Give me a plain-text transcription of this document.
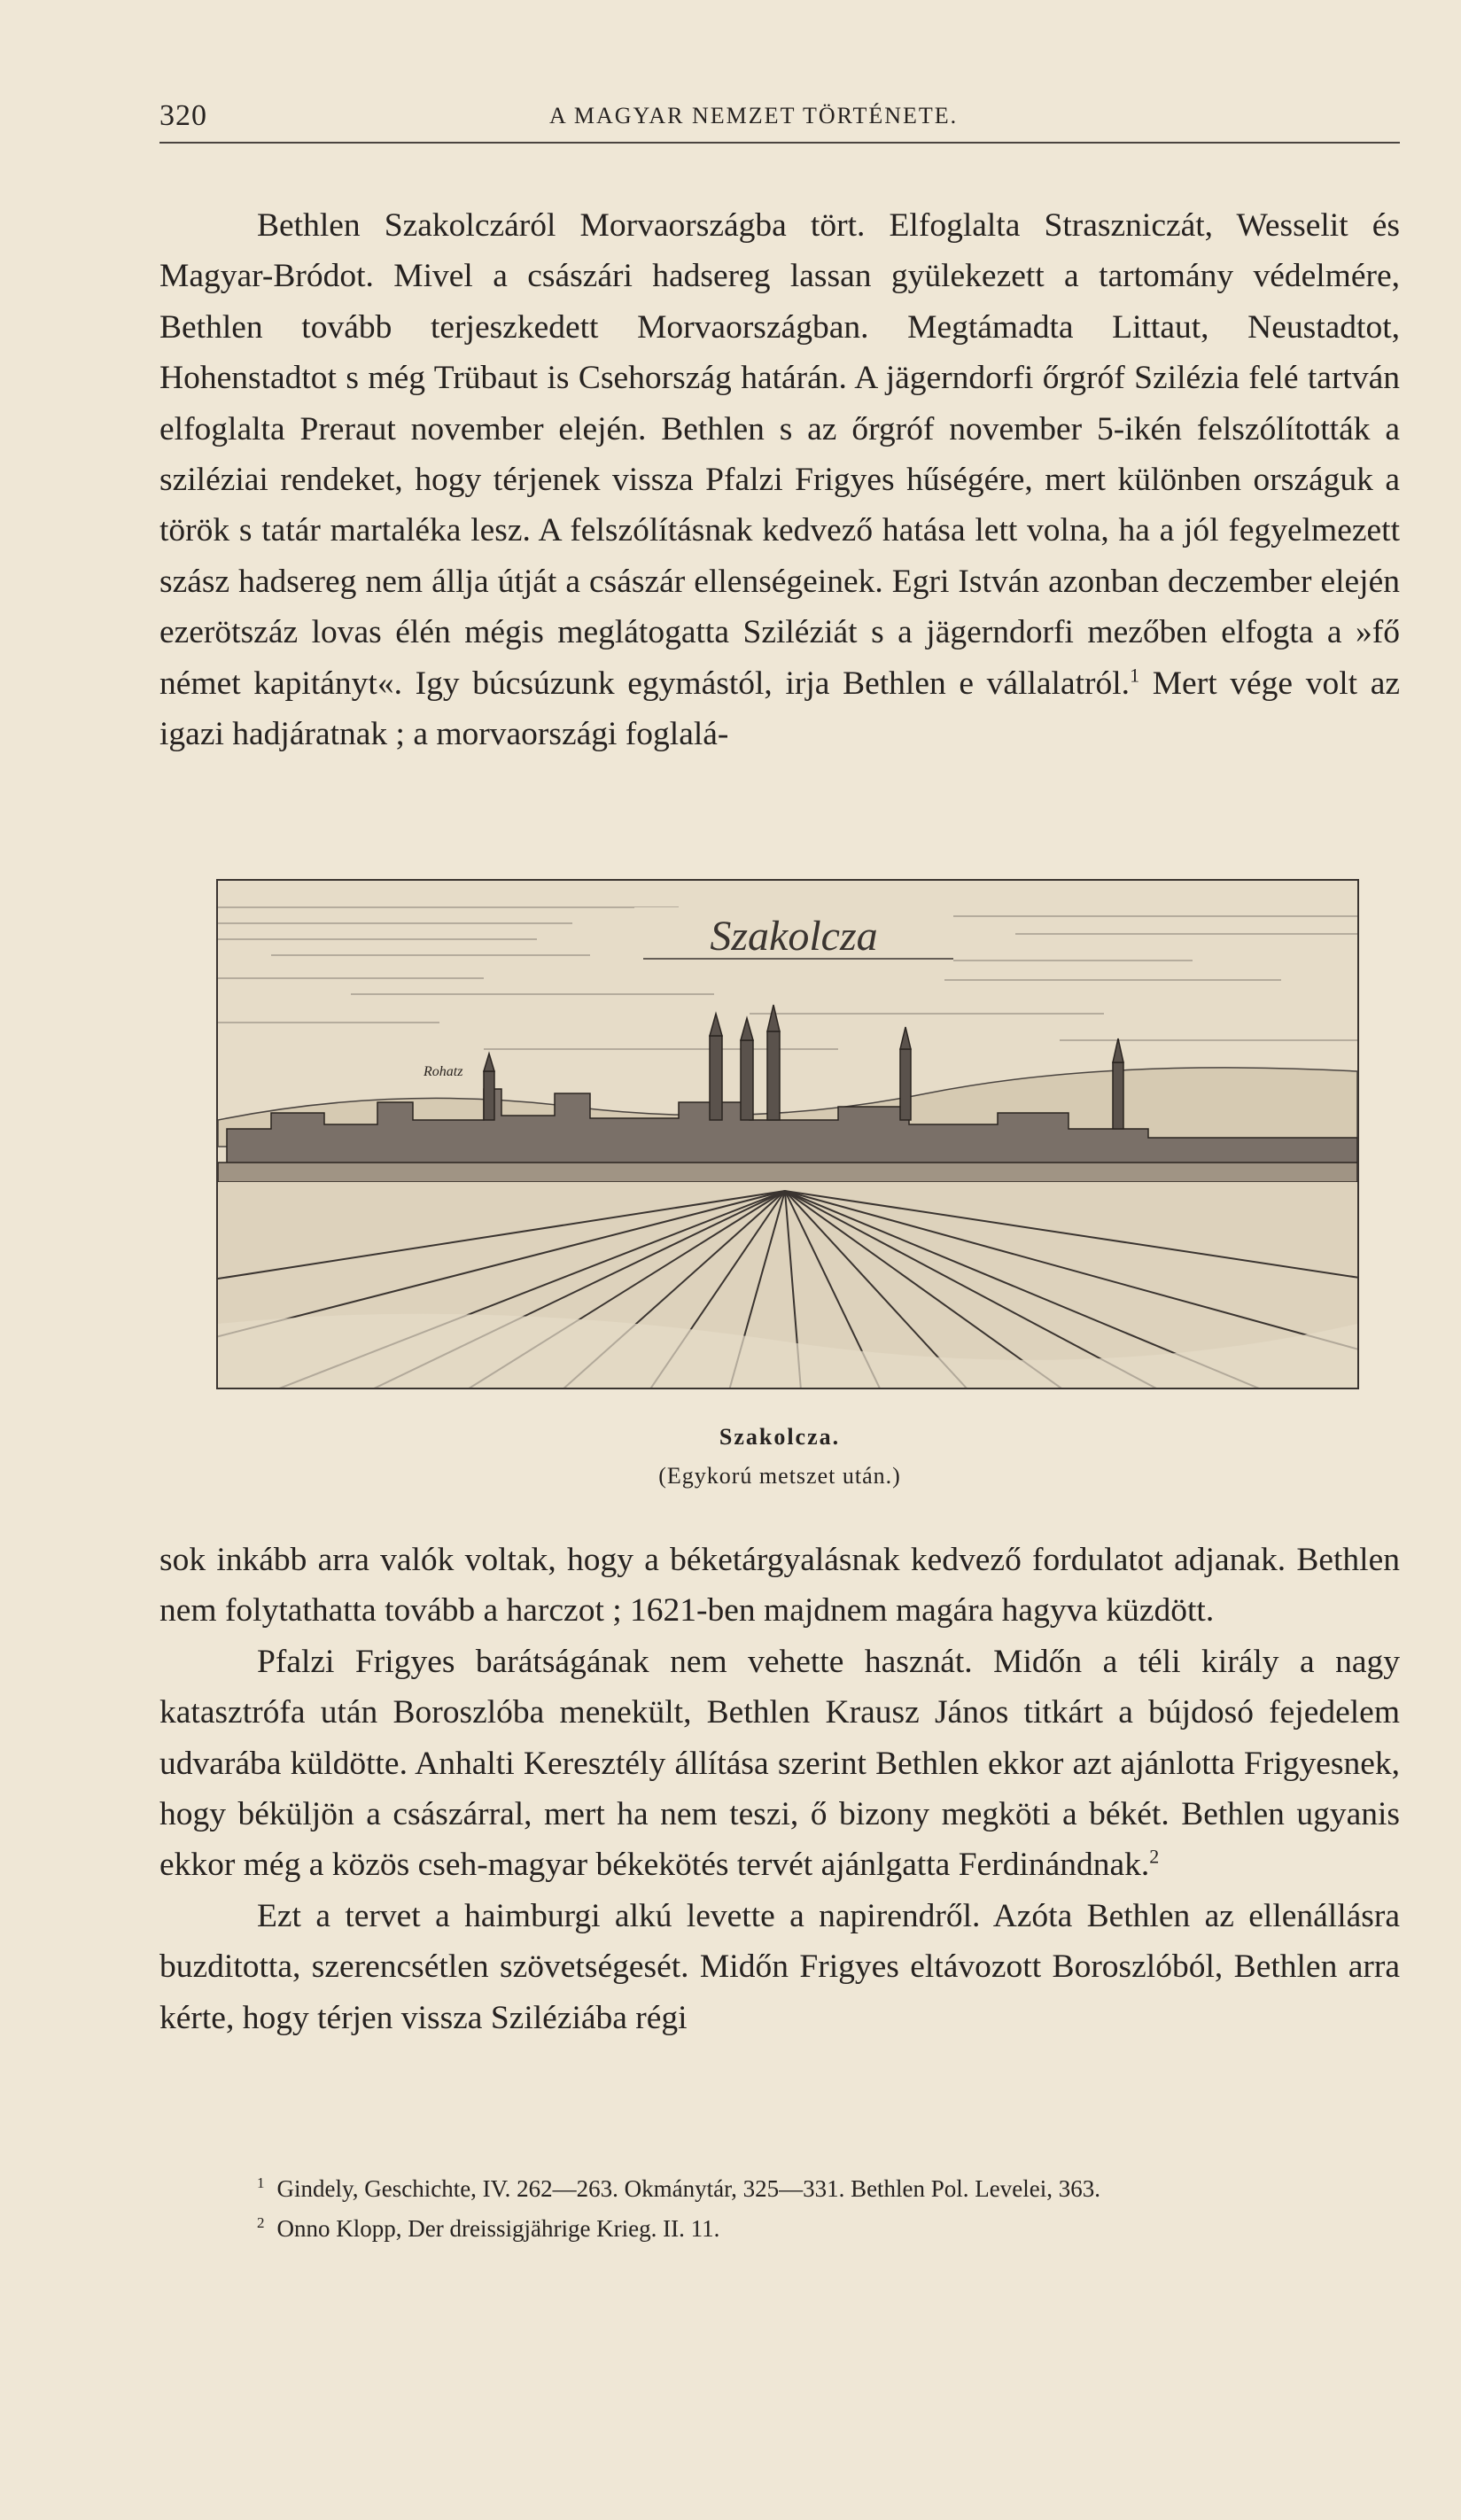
320	A MAGYAR NEMZET TÖRTÉNETE.

Bethlen Szakolczáról Morvaországba tört. Elfoglalta Straszniczát, Wesselit és Magyar-Bródot. Mivel a császári hadsereg lassan gyülekezett a tartomány védelmére, Bethlen tovább terjeszkedett Morvaországban. Megtámadta Littaut, Neustadtot, Hohenstadtot s még Trübaut is Csehország határán. A jägerndorfi őrgróf Szilézia felé tartván elfoglalta Preraut november elején. Bethlen s az őrgróf november 5-ikén felszólították a sziléziai rendeket, hogy térjenek vissza Pfalzi Frigyes hűségére, mert különben országuk a török s tatár martaléka lesz. A felszólításnak kedvező hatása lett volna, ha a jól fegyelmezett szász hadsereg nem állja útját a császár ellenségeinek. Egri István azonban deczember elején ezerötszáz lovas élén mégis meglátogatta Sziléziát s a jägerndorfi mezőben elfogta a »fő német kapitányt«. Igy búcsúzunk egymástól, irja Bethlen e vállalatról.$^1$ Mert vége volt az igazi hadjáratnak ; a morvaországi foglalá-

Szakolcza
Rohatz
Szakolcza.
(Egykorú metszet után.)

sok inkább arra valók voltak, hogy a béketárgyalásnak kedvező fordulatot adjanak. Bethlen nem folytathatta tovább a harczot ; 1621-ben majdnem magára hagyva küzdött.

Pfalzi Frigyes barátságának nem vehette hasznát. Midőn a téli király a nagy katasztrófa után Boroszlóba menekült, Bethlen Krausz János titkárt a bújdosó fejedelem udvarába küldötte. Anhalti Keresztély állítása szerint Bethlen ekkor azt ajánlotta Frigyesnek, hogy béküljön a császárral, mert ha nem teszi, ő bizony megköti a békét. Bethlen ugyanis ekkor még a közös cseh-magyar békekötés tervét ajánlgatta Ferdinándnak.$^2$

Ezt a tervet a haimburgi alkú levette a napirendről. Azóta Bethlen az ellenállásra buzditotta, szerencsétlen szövetségesét. Midőn Frigyes eltávozott Boroszlóból, Bethlen arra kérte, hogy térjen vissza Sziléziába régi

$^1$ Gindely, Geschichte, IV. 262—263. Okmánytár, 325—331. Bethlen Pol. Levelei, 363.
$^2$ Onno Klopp, Der dreissigjährige Krieg. II. 11.
